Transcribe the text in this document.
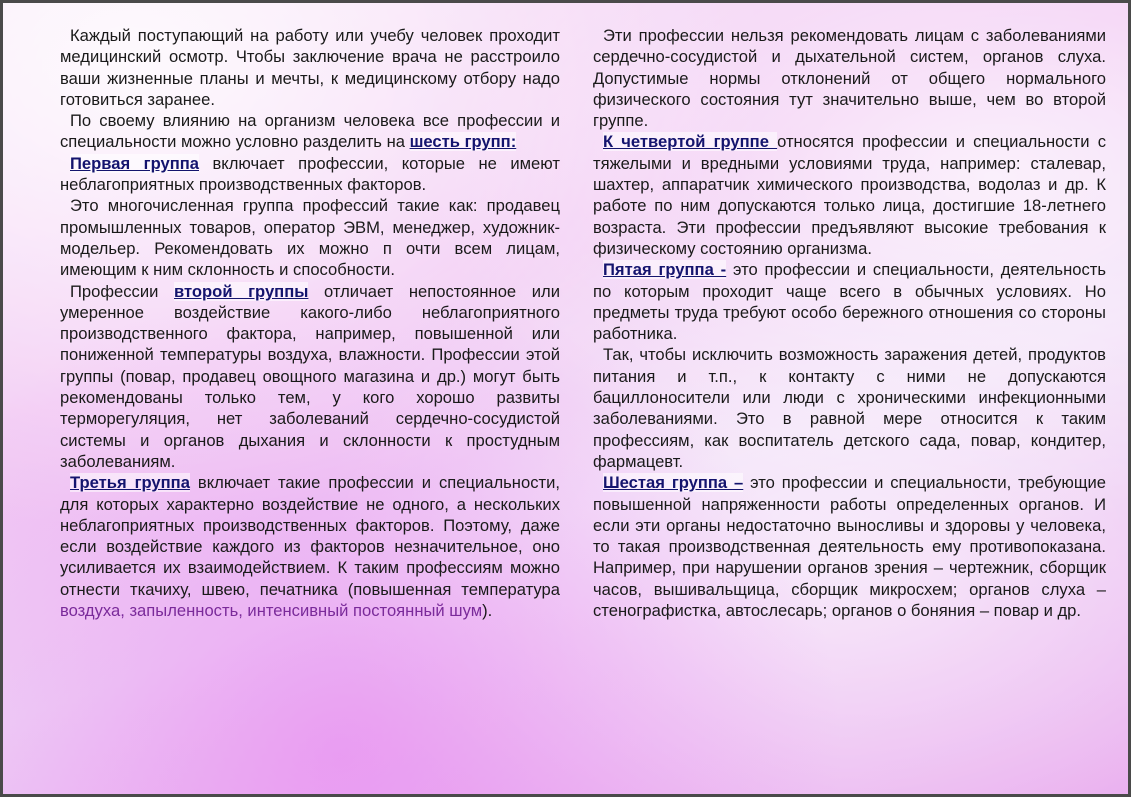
Каждый поступающий на работу или учебу человек проходит медицинский осмотр. Чтобы заключение врача не расстроило ваши жизненные планы и мечты, к медицинскому отбору надо готовиться заранее.

По своему влиянию на организм человека все профессии и специальности можно условно разделить на шесть групп:

Первая группа включает профессии, которые не имеют неблагоприятных производственных факторов.

Это многочисленная группа профессий такие как: продавец промышленных товаров, оператор ЭВМ, менеджер, художник-модельер. Рекомендовать их можно п очти всем лицам, имеющим к ним склонность и способности.

Профессии второй группы отличает непостоянное или умеренное воздействие какого-либо неблагоприятного производственного фактора, например, повышенной или пониженной температуры воздуха, влажности. Профессии этой группы (повар, продавец овощного магазина и др.) могут быть рекомендованы только тем, у кого хорошо развиты терморегуляция, нет заболеваний сердечно-сосудистой системы и органов дыхания и склонности к простудным заболеваниям.

Третья группа включает такие профессии и специальности, для которых характерно воздействие не одного, а нескольких неблагоприятных производственных факторов. Поэтому, даже если воздействие каждого из факторов незначительное, оно усиливается их взаимодействием. К таким профессиям можно отнести ткачиху, швею, печатника (повышенная температура воздуха, запыленность, интенсивный постоянный шум).

Эти профессии нельзя рекомендовать лицам с заболеваниями сердечно-сосудистой и дыхательной систем, органов слуха. Допустимые нормы отклонений от общего нормального физического состояния тут значительно выше, чем во второй группе.

К четвертой группе относятся профессии и специальности с тяжелыми и вредными условиями труда, например: сталевар, шахтер, аппаратчик химического производства, водолаз и др. К работе по ним допускаются только лица, достигшие 18-летнего возраста. Эти профессии предъявляют высокие требования к физическому состоянию организма.

Пятая группа - это профессии и специальности, деятельность по которым проходит чаще всего в обычных условиях. Но предметы труда требуют особо бережного отношения со стороны работника.

Так, чтобы исключить возможность заражения детей, продуктов питания и т.п., к контакту с ними не допускаются бациллоносители или люди с хроническими инфекционными заболеваниями. Это в равной мере относится к таким профессиям, как воспитатель детского сада, повар, кондитер, фармацевт.

Шестая группа – это профессии и специальности, требующие повышенной напряженности работы определенных органов. И если эти органы недостаточно выносливы и здоровы у человека, то такая производственная деятельность ему противопоказана. Например, при нарушении органов зрения – чертежник, сборщик часов, вышивальщица, сборщик микросхем; органов слуха – стенографистка, автослесарь; органов о боняния – повар и др.
